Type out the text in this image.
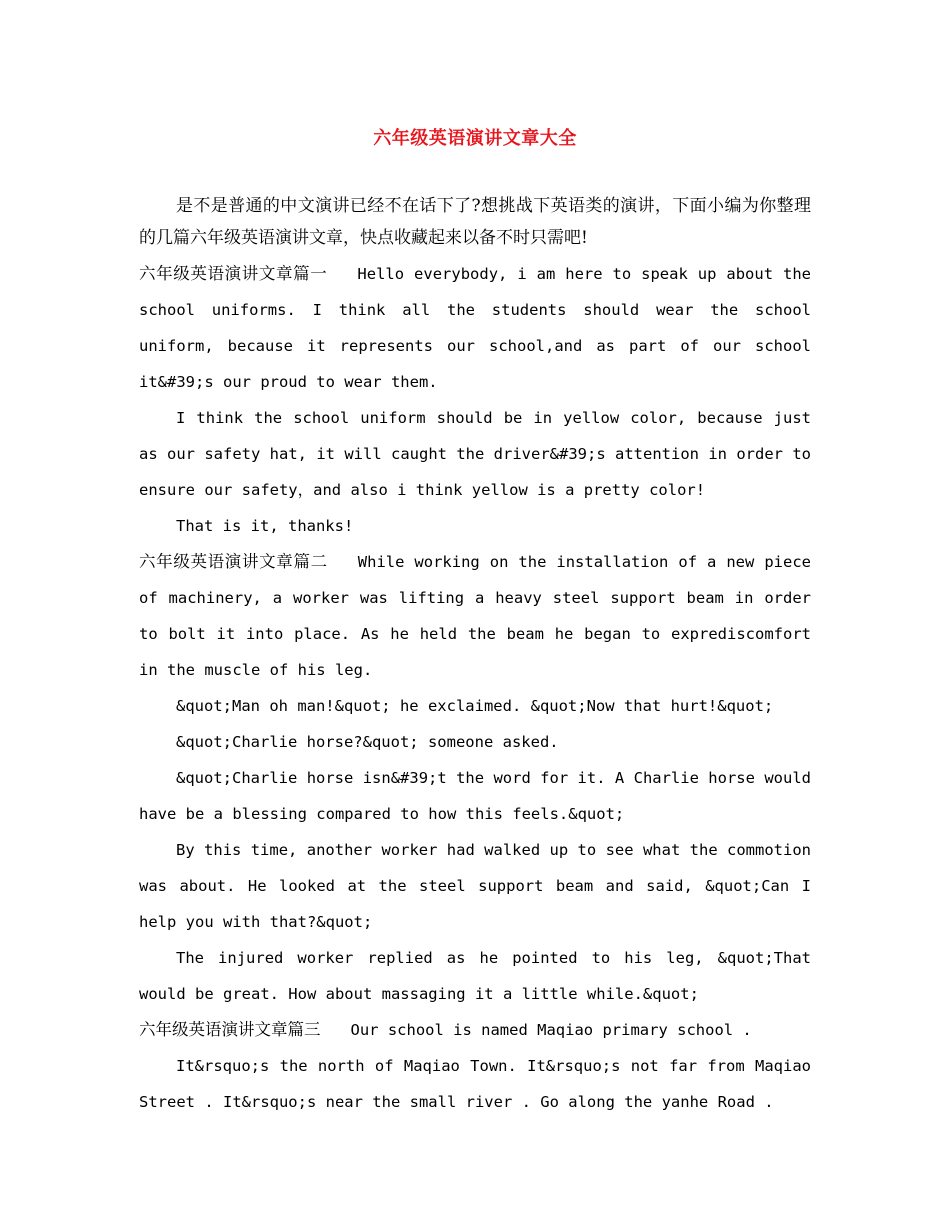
六年级英语演讲文章大全

是不是普通的中文演讲已经不在话下了?想挑战下英语类的演讲，下面小编为你整理的几篇六年级英语演讲文章，快点收藏起来以备不时只需吧!

六年级英语演讲文章篇一 Hello everybody, i am here to speak up about the school uniforms. I think all the students should wear the school uniform, because it represents our school,and as part of our school it&#39;s our proud to wear them.

I think the school uniform should be in yellow color, because just as our safety hat, it will caught the driver&#39;s attention in order to ensure our safety，and also i think yellow is a pretty color!

That is it, thanks!

六年级英语演讲文章篇二 While working on the installation of a new piece of machinery, a worker was lifting a heavy steel support beam in order to bolt it into place. As he held the beam he began to exprediscomfort in the muscle of his leg.

&quot;Man oh man!&quot; he exclaimed. &quot;Now that hurt!&quot;

&quot;Charlie horse?&quot; someone asked.

&quot;Charlie horse isn&#39;t the word for it. A Charlie horse would have be a blessing compared to how this feels.&quot;

By this time, another worker had walked up to see what the commotion was about. He looked at the steel support beam and said, &quot;Can I help you with that?&quot;

The injured worker replied as he pointed to his leg, &quot;That would be great. How about massaging it a little while.&quot;

六年级英语演讲文章篇三 Our school is named Maqiao primary school .

It&rsquo;s the north of Maqiao Town. It&rsquo;s not far from Maqiao Street . It&rsquo;s near the small river . Go along the yanhe Road .
